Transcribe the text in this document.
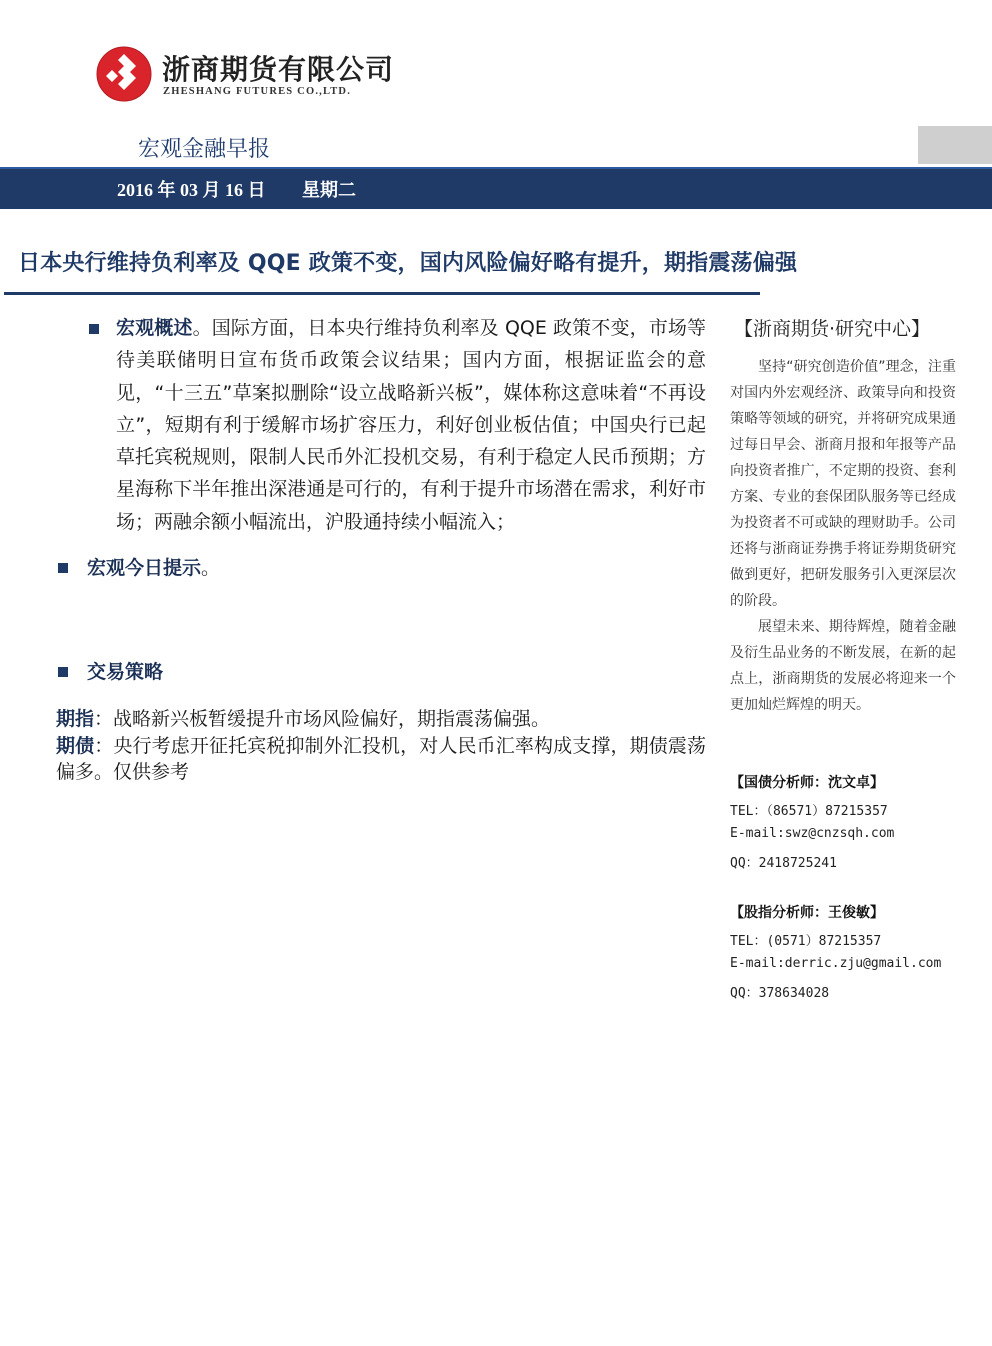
浙商期货有限公司
ZHESHANG FUTURES CO.,LTD.
宏观金融早报
2016 年 03 月 16 日 星期二
日本央行维持负利率及 QQE 政策不变，国内风险偏好略有提升，期指震荡偏强
宏观概述。国际方面，日本央行维持负利率及 QQE 政策不变，市场等待美联储明日宣布货币政策会议结果；国内方面，根据证监会的意见，“十三五”草案拟删除“设立战略新兴板”，媒体称这意味着“不再设立”，短期有利于缓解市场扩容压力，利好创业板估值；中国央行已起草托宾税规则，限制人民币外汇投机交易，有利于稳定人民币预期；方星海称下半年推出深港通是可行的，有利于提升市场潜在需求，利好市场；两融余额小幅流出，沪股通持续小幅流入；
宏观今日提示。
交易策略
期指：战略新兴板暂缓提升市场风险偏好，期指震荡偏强。
期债：央行考虑开征托宾税抑制外汇投机，对人民币汇率构成支撑，期债震荡偏多。仅供参考
【浙商期货·研究中心】

坚持“研究创造价值”理念，注重对国内外宏观经济、政策导向和投资策略等领域的研究，并将研究成果通过每日早会、浙商月报和年报等产品向投资者推广，不定期的投资、套利方案、专业的套保团队服务等已经成为投资者不可或缺的理财助手。公司还将与浙商证券携手将证券期货研究做到更好，把研发服务引入更深层次的阶段。

展望未来、期待辉煌，随着金融及衍生品业务的不断发展，在新的起点上，浙商期货的发展必将迎来一个更加灿烂辉煌的明天。

【国债分析师：沈文卓】
TEL：（86571）87215357
E-mail:swz@cnzsqh.com
QQ：2418725241
【股指分析师：王俊敏】
TEL：(0571）87215357
E-mail:derric.zju@gmail.com
QQ：378634028
